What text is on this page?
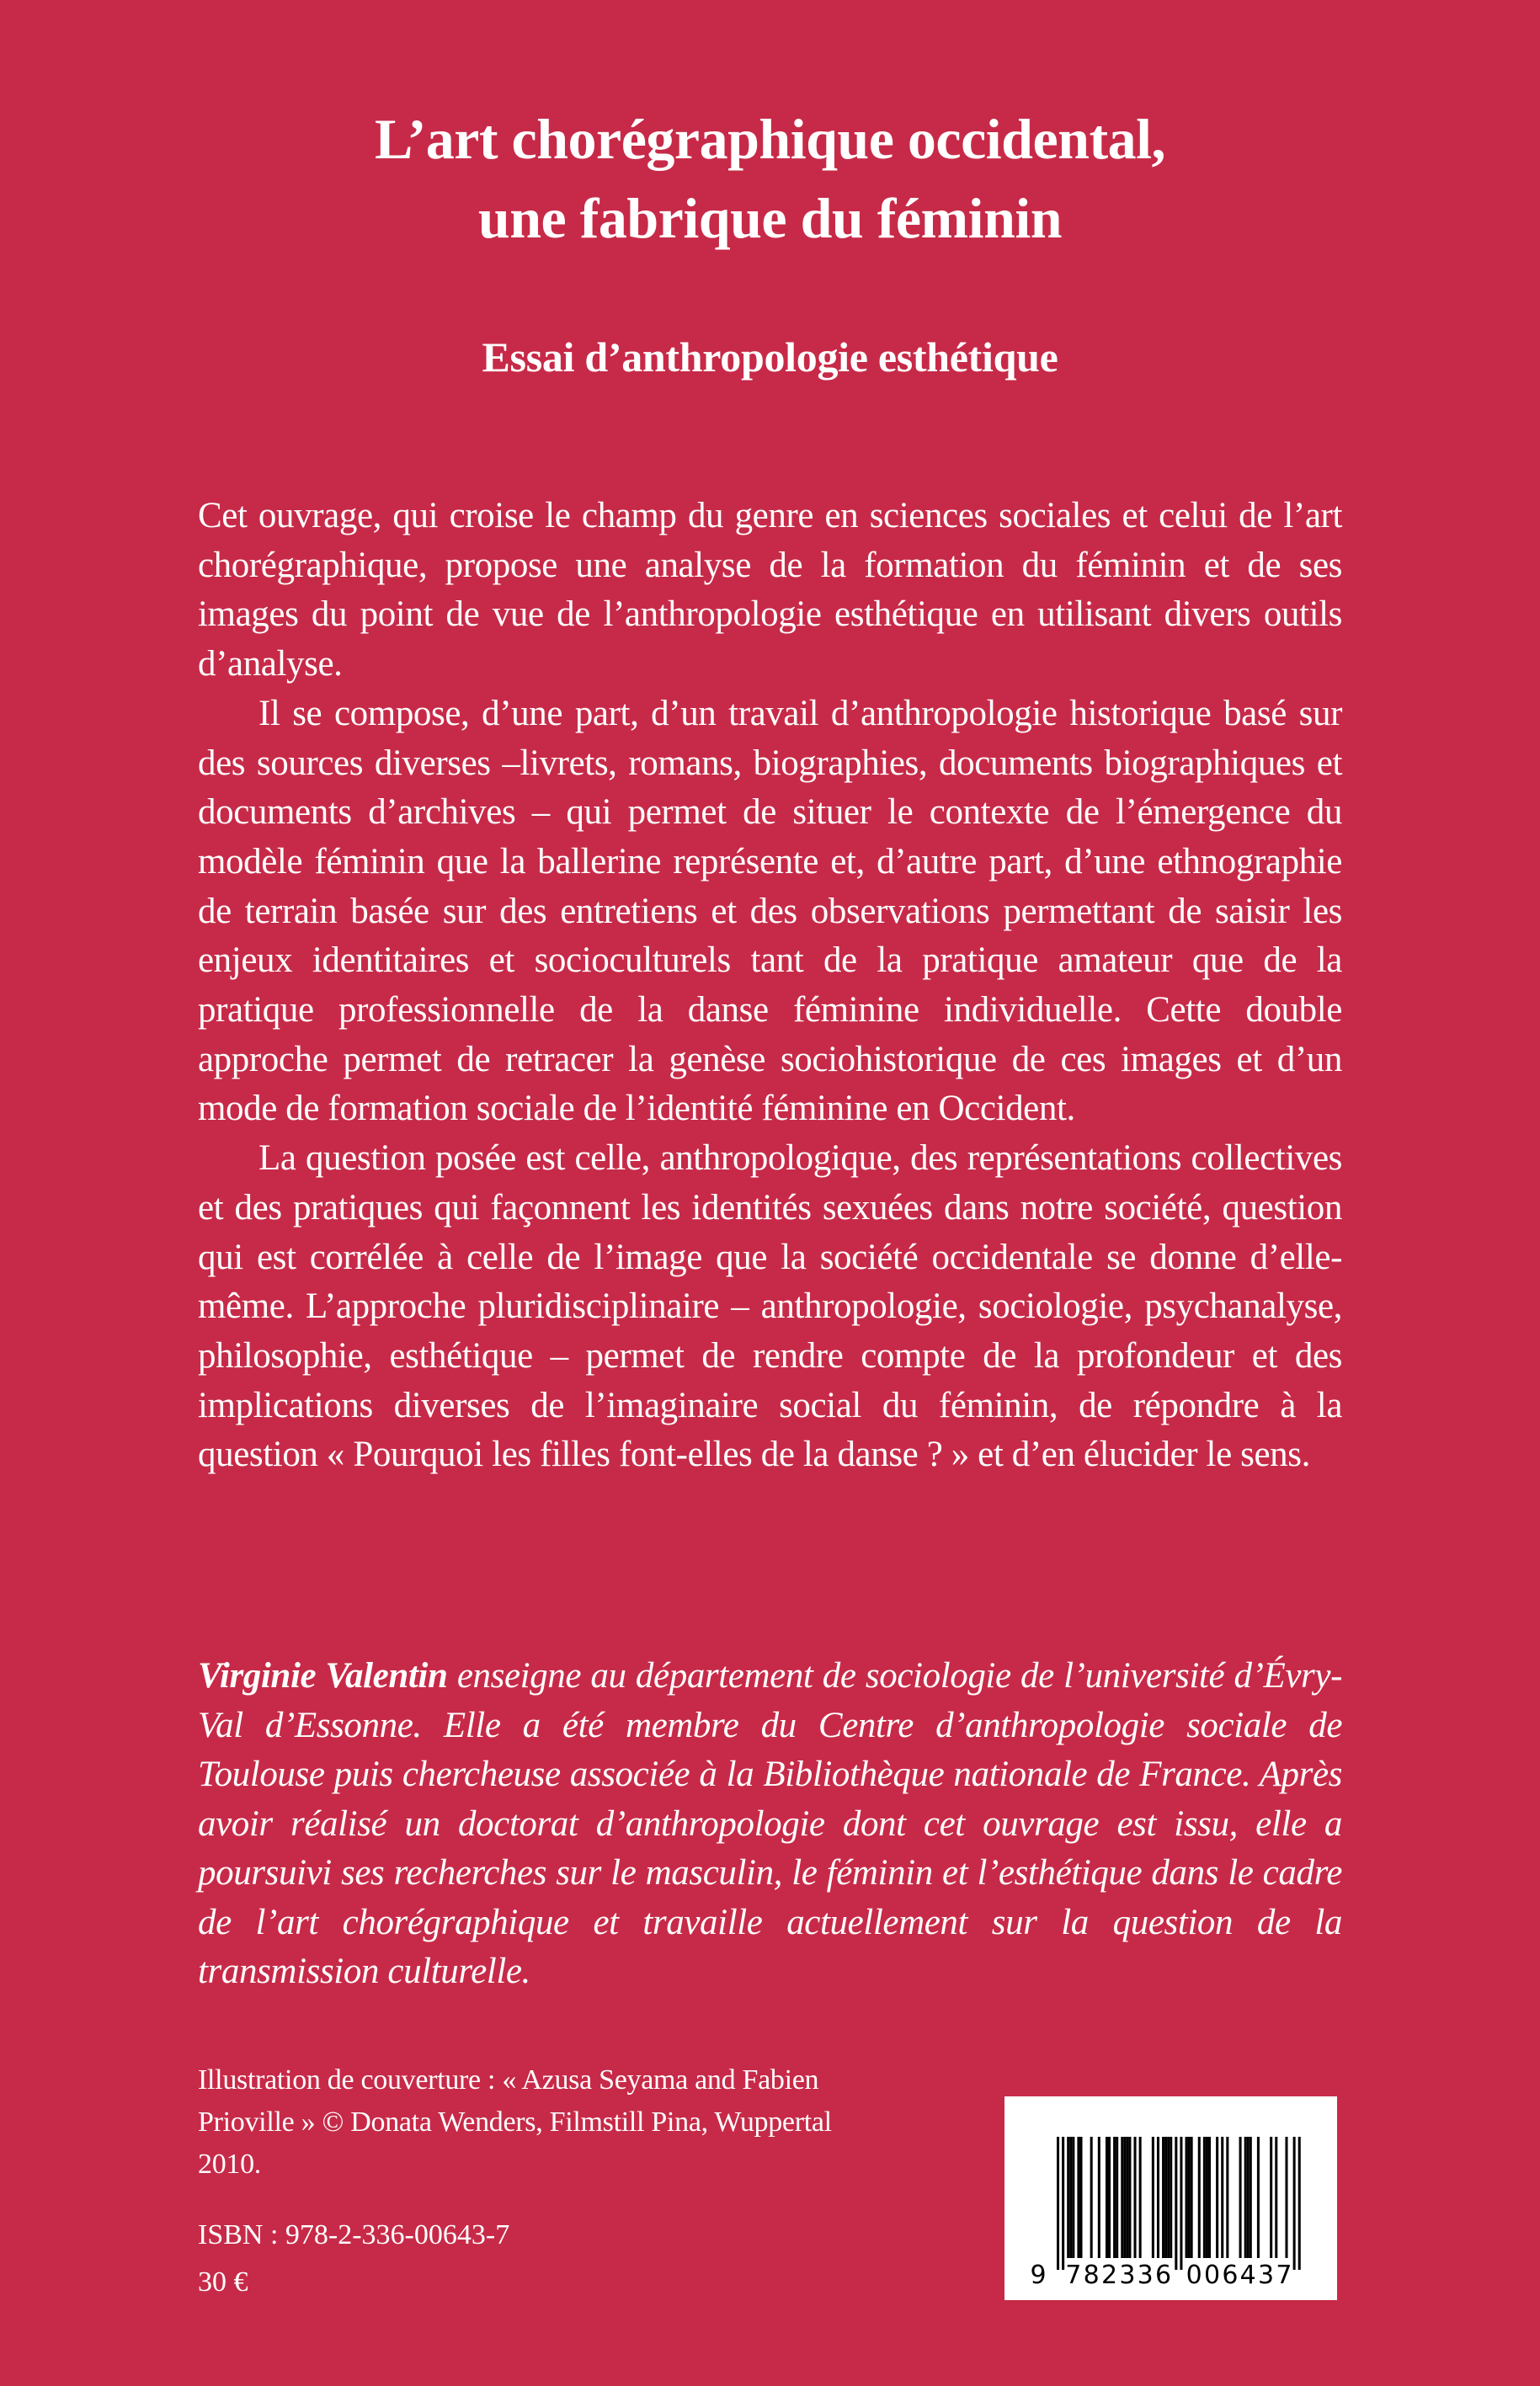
L’art chorégraphique occidental,
une fabrique du féminin
Essai d’anthropologie esthétique

Cet ouvrage, qui croise le champ du genre en sciences sociales et celui de l’art chorégraphique, propose une analyse de la formation du féminin et de ses images du point de vue de l’anthropologie esthétique en utilisant divers outils d’analyse.

Il se compose, d’une part, d’un travail d’anthropologie historique basé sur des sources diverses –livrets, romans, biographies, documents biographiques et documents d’archives – qui permet de situer le contexte de l’émergence du modèle féminin que la ballerine représente et, d’autre part, d’une ethnographie de terrain basée sur des entretiens et des observations permettant de saisir les enjeux identitaires et socioculturels tant de la pratique amateur que de la pratique professionnelle de la danse féminine individuelle. Cette double approche permet de retracer la genèse sociohistorique de ces images et d’un mode de formation sociale de l’identité féminine en Occident.

La question posée est celle, anthropologique, des représentations collectives et des pratiques qui façonnent les identités sexuées dans notre société, question qui est corrélée à celle de l’image que la société occidentale se donne d’elle-même. L’approche pluridisciplinaire – anthropologie, sociologie, psychanalyse, philosophie, esthétique – permet de rendre compte de la profondeur et des implications diverses de l’imaginaire social du féminin, de répondre à la question « Pourquoi les filles font-elles de la danse ? » et d’en élucider le sens.

Virginie Valentin enseigne au département de sociologie de l’université d’Évry-Val d’Essonne. Elle a été membre du Centre d’anthropologie sociale de Toulouse puis chercheuse associée à la Bibliothèque nationale de France. Après avoir réalisé un doctorat d’anthropologie dont cet ouvrage est issu, elle a poursuivi ses recherches sur le masculin, le féminin et l’esthétique dans le cadre de l’art chorégraphique et travaille actuellement sur la question de la transmission culturelle.
Illustration de couverture : « Azusa Seyama and Fabien Prioville » © Donata Wenders, Filmstill Pina, Wuppertal 2010.
ISBN : 978-2-336-00643-7
30 €	9 7 8 2 3 3 6 0 0 6 4 3 7
